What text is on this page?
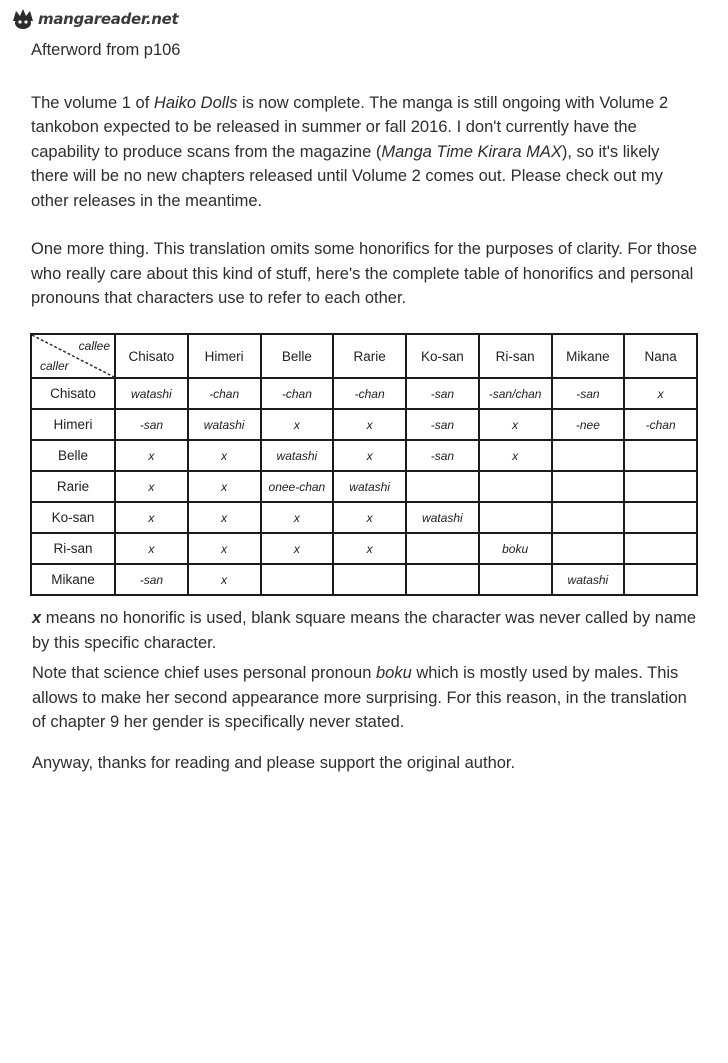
mangareader.net

Afterword from p106

The volume 1 of Haiko Dolls is now complete. The manga is still ongoing with Volume 2 tankobon expected to be released in summer or fall 2016. I don't currently have the capability to produce scans from the magazine (Manga Time Kirara MAX), so it's likely there will be no new chapters released until Volume 2 comes out. Please check out my other releases in the meantime.

One more thing. This translation omits some honorifics for the purposes of clarity. For those who really care about this kind of stuff, here's the complete table of honorifics and personal pronouns that characters use to refer to each other.

callee
caller	Chisato	Himeri	Belle	Rarie	Ko-san	Ri-san	Mikane	Nana
Chisato	watashi	-chan	-chan	-chan	-san	-san/chan	-san	x
Himeri	-san	watashi	x	x	-san	x	-nee	-chan
Belle	x	x	watashi	x	-san	x		
Rarie	x	x	onee-chan	watashi				
Ko-san	x	x	x	x	watashi			
Ri-san	x	x	x	x		boku		
Mikane	-san	x					watashi	

x means no honorific is used, blank square means the character was never called by name by this specific character.

Note that science chief uses personal pronoun boku which is mostly used by males. This allows to make her second appearance more surprising. For this reason, in the translation of chapter 9 her gender is specifically never stated.

Anyway, thanks for reading and please support the original author.
